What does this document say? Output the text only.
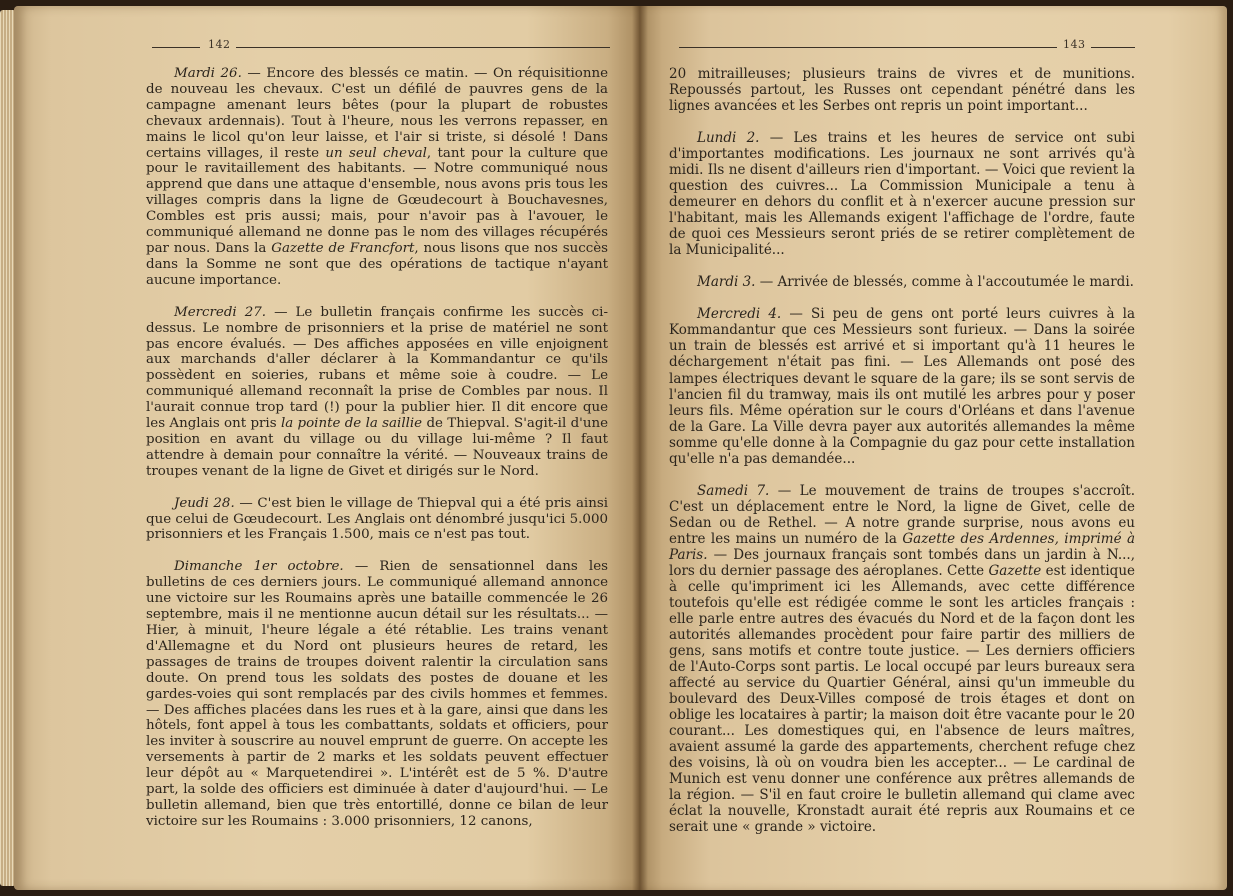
142

Mardi 26. — Encore des blessés ce matin. — On réquisitionne de nouveau les chevaux. C'est un défilé de pauvres gens de la campagne amenant leurs bêtes (pour la plupart de robustes chevaux ardennais). Tout à l'heure, nous les verrons repasser, en mains le licol qu'on leur laisse, et l'air si triste, si désolé ! Dans certains villages, il reste un seul cheval, tant pour la culture que pour le ravitaillement des habitants. — Notre communiqué nous apprend que dans une attaque d'ensemble, nous avons pris tous les villages compris dans la ligne de Gœudecourt à Bouchavesnes, Combles est pris aussi; mais, pour n'avoir pas à l'avouer, le communiqué allemand ne donne pas le nom des villages récupérés par nous. Dans la Gazette de Francfort, nous lisons que nos succès dans la Somme ne sont que des opérations de tactique n'ayant aucune importance.

Mercredi 27. — Le bulletin français confirme les succès ci-dessus. Le nombre de prisonniers et la prise de matériel ne sont pas encore évalués. — Des affiches apposées en ville enjoignent aux marchands d'aller déclarer à la Kommandantur ce qu'ils possèdent en soieries, rubans et même soie à coudre. — Le communiqué allemand reconnaît la prise de Combles par nous. Il l'aurait connue trop tard (!) pour la publier hier. Il dit encore que les Anglais ont pris la pointe de la saillie de Thiepval. S'agit-il d'une position en avant du village ou du village lui-même ? Il faut attendre à demain pour connaître la vérité. — Nouveaux trains de troupes venant de la ligne de Givet et dirigés sur le Nord.

Jeudi 28. — C'est bien le village de Thiepval qui a été pris ainsi que celui de Gœudecourt. Les Anglais ont dénombré jusqu'ici 5.000 prisonniers et les Français 1.500, mais ce n'est pas tout.

Dimanche 1er octobre. — Rien de sensationnel dans les bulletins de ces derniers jours. Le communiqué allemand annonce une victoire sur les Roumains après une bataille commencée le 26 septembre, mais il ne mentionne aucun détail sur les résultats... — Hier, à minuit, l'heure légale a été rétablie. Les trains venant d'Allemagne et du Nord ont plusieurs heures de retard, les passages de trains de troupes doivent ralentir la circulation sans doute. On prend tous les soldats des postes de douane et les gardes-voies qui sont remplacés par des civils hommes et femmes. — Des affiches placées dans les rues et à la gare, ainsi que dans les hôtels, font appel à tous les combattants, soldats et officiers, pour les inviter à souscrire au nouvel emprunt de guerre. On accepte les versements à partir de 2 marks et les soldats peuvent effectuer leur dépôt au « Marquetendirei ». L'intérêt est de 5 %. D'autre part, la solde des officiers est diminuée à dater d'aujourd'hui. — Le bulletin allemand, bien que très entortillé, donne ce bilan de leur victoire sur les Roumains : 3.000 prisonniers, 12 canons,

143

20 mitrailleuses; plusieurs trains de vivres et de munitions. Repoussés partout, les Russes ont cependant pénétré dans les lignes avancées et les Serbes ont repris un point important...

Lundi 2. — Les trains et les heures de service ont subi d'importantes modifications. Les journaux ne sont arrivés qu'à midi. Ils ne disent d'ailleurs rien d'important. — Voici que revient la question des cuivres... La Commission Municipale a tenu à demeurer en dehors du conflit et à n'exercer aucune pression sur l'habitant, mais les Allemands exigent l'affichage de l'ordre, faute de quoi ces Messieurs seront priés de se retirer complètement de la Municipalité...

Mardi 3. — Arrivée de blessés, comme à l'accoutumée le mardi.

Mercredi 4. — Si peu de gens ont porté leurs cuivres à la Kommandantur que ces Messieurs sont furieux. — Dans la soirée un train de blessés est arrivé et si important qu'à 11 heures le déchargement n'était pas fini. — Les Allemands ont posé des lampes électriques devant le square de la gare; ils se sont servis de l'ancien fil du tramway, mais ils ont mutilé les arbres pour y poser leurs fils. Même opération sur le cours d'Orléans et dans l'avenue de la Gare. La Ville devra payer aux autorités allemandes la même somme qu'elle donne à la Compagnie du gaz pour cette installation qu'elle n'a pas demandée...

Samedi 7. — Le mouvement de trains de troupes s'accroît. C'est un déplacement entre le Nord, la ligne de Givet, celle de Sedan ou de Rethel. — A notre grande surprise, nous avons eu entre les mains un numéro de la Gazette des Ardennes, imprimé à Paris. — Des journaux français sont tombés dans un jardin à N..., lors du dernier passage des aéroplanes. Cette Gazette est identique à celle qu'impriment ici les Allemands, avec cette différence toutefois qu'elle est rédigée comme le sont les articles français : elle parle entre autres des évacués du Nord et de la façon dont les autorités allemandes procèdent pour faire partir des milliers de gens, sans motifs et contre toute justice. — Les derniers officiers de l'Auto-Corps sont partis. Le local occupé par leurs bureaux sera affecté au service du Quartier Général, ainsi qu'un immeuble du boulevard des Deux-Villes composé de trois étages et dont on oblige les locataires à partir; la maison doit être vacante pour le 20 courant... Les domestiques qui, en l'absence de leurs maîtres, avaient assumé la garde des appartements, cherchent refuge chez des voisins, là où on voudra bien les accepter... — Le cardinal de Munich est venu donner une conférence aux prêtres allemands de la région. — S'il en faut croire le bulletin allemand qui clame avec éclat la nouvelle, Kronstadt aurait été repris aux Roumains et ce serait une « grande » victoire.
